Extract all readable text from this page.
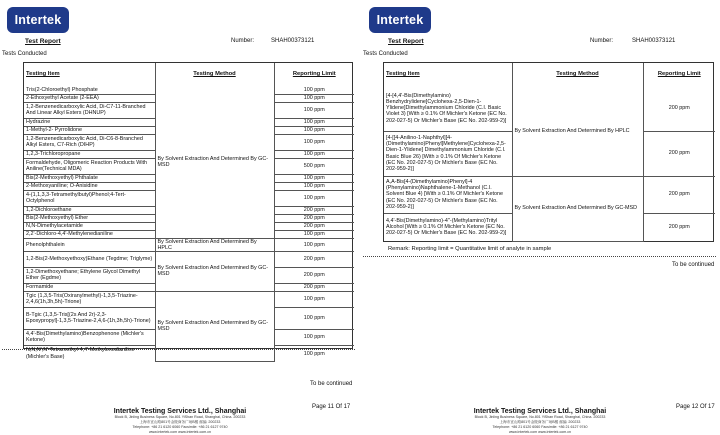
Intertek
Test Report	Number:	SHAH00373121
Tests Conducted
Testing Item	Testing Method	Reporting Limit
Tris(2-Chloroethyl) Phosphate	By Solvent Extraction And Determined By GC-MSD	100 ppm
2-Ethoxyethyl Acetate (2-EEA)		100 ppm
1,2-Benzenedicarboxylic Acid, Di-C7-11-Branched And Linear Alkyl Esters (DHNUP)		100 ppm
Hydrazine		100 ppm
1-Methyl-2- Pyrrolidone		100 ppm
1,2-Benzenedicarboxylic Acid, Di-C6-8-Branched Alkyl Esters, C7-Rich (DIHP)		100 ppm
1,2,3-Trichloropropane		100 ppm
Formaldehyde, Oligomeric Reaction Products With Aniline(Technical MDA)		500 ppm
Bis(2-Methoxyethyl) Phthalate		100 ppm
2-Methoxyaniline; O-Anisidine		100 ppm
4-(1,1,3,3-Tetramethylbutyl)Phenol;4-Tert-Octylphenol		100 ppm
1,2-Dichloroethane		200 ppm
Bis(2-Methoxyethyl) Ether		200 ppm
N,N-Dimethylacetamide		200 ppm
2,2'-Dichloro-4,4'-Methylenedianiline		100 ppm
Phenolphthalein	By Solvent Extraction And Determined By HPLC	100 ppm
1,2-Bis(2-Methoxyethoxy)Ethane (Tegdme; Triglyme)	By Solvent Extraction And Determined By GC-MSD	200 ppm
1,2-Dimethoxyethane; Ethylene Glycol Dimethyl Ether (Egdme)		200 ppm
Formamide		200 ppm
Tgic (1,3,5-Tris(Oxiranylmethyl)-1,3,5-Triazine-2,4,6(1h,3h,5h)-Trione)	By Solvent Extraction And Determined By GC-MSD	100 ppm
B-Tgic (1,3,5-Tris[(2s And 2r)-2,3-Epoxypropyl]-1,3,5-Triazine-2,4,6-(1h,3h,5h)-Trione)		100 ppm
4,4'-Bis(Dimethylamino)Benzophenone (Michler's Ketone)		100 ppm
N,N,N',N'-Tetramethyl-4,4'-Methylenedianiline (Michler's Base)		100 ppm
To be continued
Page 11 Of 17
Intertek Testing Services Ltd., Shanghai
Block B, Jinling Business Square, No.801 YiShan Road, Shanghai, China. 200233
上海市宜山路801号金陵商务广场B楼 邮编: 200233
Telephone: +86 21 6120 6060 Facsimile: +86 21 6127 9740
www.intertek.com www.intertek.com.cn
Intertek
Test Report	Number:	SHAH00373121
Tests Conducted
Testing Item	Testing Method	Reporting Limit
[4-[4,4'-Bis(Dimethylamino) Benzhydrylidene]Cyclohexa-2,5-Dien-1-Ylidene]Dimethylammonium Chloride (C.I. Basic Violet 3) [With ≥ 0.1% Of Michler's Ketone (EC No. 202-027-5) Or Michler's Base (EC No. 202-959-2)]	By Solvent Extraction And Determined By HPLC	200 ppm
[4-[[4-Anilino-1-Naphthyl][4-(Dimethylamino)Phenyl]Methylene]Cyclohexa-2,5-Dien-1-Ylidene] Dimethylammonium Chloride (C.I. Basic Blue 26) [With ≥ 0.1% Of Michler's Ketone (EC No. 202-027-5) Or Michler's Base (EC No. 202-959-2)]		200 ppm
A,A-Bis[4-(Dimethylamino)Phenyl]-4 (Phenylamino)Naphthalene-1-Methanol (C.I. Solvent Blue 4) [With ≥ 0.1% Of Michler's Ketone (EC No. 202-027-5) Or Michler's Base (EC No. 202-959-2)]	By Solvent Extraction And Determined By GC-MSD	200 ppm
4,4'-Bis(Dimethylamino)-4''-(Methylamino)Trityl Alcohol [With ≥ 0.1% Of Michler's Ketone (EC No. 202-027-5) Or Michler's Base (EC No. 202-959-2)]		200 ppm
Remark: Reporting limit = Quantitative limit of analyte in sample
To be continued
Page 12 Of 17
Intertek Testing Services Ltd., Shanghai
Block B, Jinling Business Square, No.801 YiShan Road, Shanghai, China. 200233
上海市宜山路801号金陵商务广场B楼 邮编: 200233
Telephone: +86 21 6120 6060 Facsimile: +86 21 6127 9740
www.intertek.com www.intertek.com.cn
